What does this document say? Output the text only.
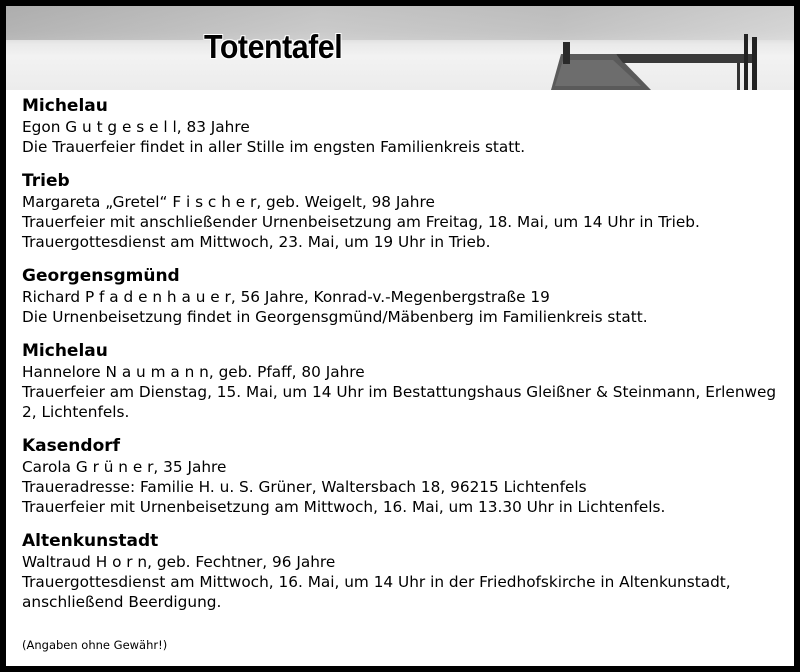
Totentafel
Michelau
Egon G u t g e s e l l, 83 Jahre
Die Trauerfeier findet in aller Stille im engsten Familienkreis statt.
Trieb
Margareta „Gretel“ F i s c h e r, geb. Weigelt, 98 Jahre
Trauerfeier mit anschließender Urnenbeisetzung am Freitag, 18. Mai, um 14 Uhr in Trieb.
Trauergottesdienst am Mittwoch, 23. Mai, um 19 Uhr in Trieb.
Georgensgmünd
Richard P f a d e n h a u e r, 56 Jahre, Konrad-v.-Megenbergstraße 19
Die Urnenbeisetzung findet in Georgensgmünd/Mäbenberg im Familienkreis statt.
Michelau
Hannelore N a u m a n n, geb. Pfaff, 80 Jahre
Trauerfeier am Dienstag, 15. Mai, um 14 Uhr im Bestattungshaus Gleißner & Steinmann, Erlenweg
2, Lichtenfels.
Kasendorf
Carola G r ü n e r, 35 Jahre
Traueradresse: Familie H. u. S. Grüner, Waltersbach 18, 96215 Lichtenfels
Trauerfeier mit Urnenbeisetzung am Mittwoch, 16. Mai, um 13.30 Uhr in Lichtenfels.
Altenkunstadt
Waltraud H o r n, geb. Fechtner, 96 Jahre
Trauergottesdienst am Mittwoch, 16. Mai, um 14 Uhr in der Friedhofskirche in Altenkunstadt,
anschließend Beerdigung.
(Angaben ohne Gewähr!)
